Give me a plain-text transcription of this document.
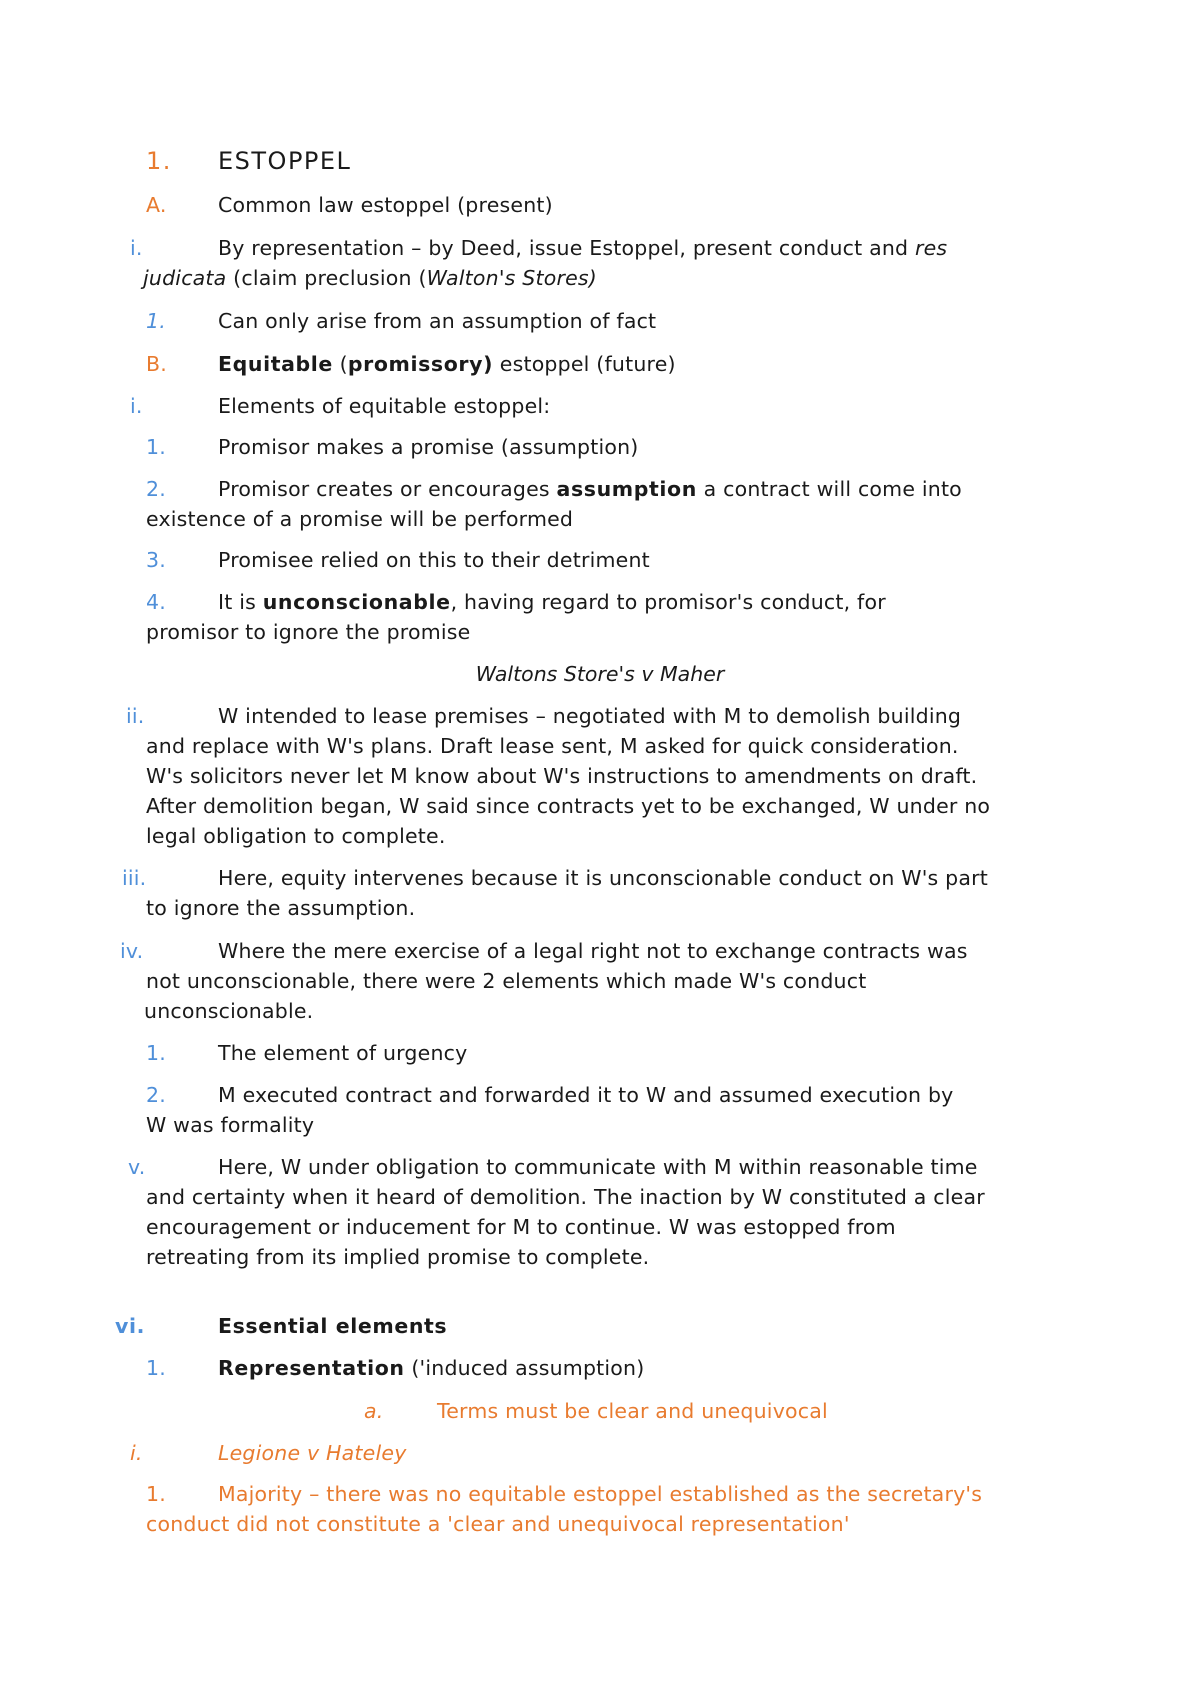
1. ESTOPPEL
A.	Common law estoppel (present)
i.	By representation – by Deed, issue Estoppel, present conduct and res
judicata (claim preclusion (Walton's Stores)
1.	Can only arise from an assumption of fact
B. Equitable (promissory) estoppel (future)
i.	Elements of equitable estoppel:
1.	Promisor makes a promise (assumption)
2.	Promisor creates or encourages assumption a contract will come into
existence of a promise will be performed
3.	Promisee relied on this to their detriment
4.	It is unconscionable, having regard to promisor's conduct, for
promisor to ignore the promise
Waltons Store's v Maher
ii.	W intended to lease premises – negotiated with M to demolish building
and replace with W's plans. Draft lease sent, M asked for quick consideration.
W's solicitors never let M know about W's instructions to amendments on draft.
After demolition began, W said since contracts yet to be exchanged, W under no
legal obligation to complete.
iii.	Here, equity intervenes because it is unconscionable conduct on W's part
to ignore the assumption.
iv.	Where the mere exercise of a legal right not to exchange contracts was
not unconscionable, there were 2 elements which made W's conduct
unconscionable.
1.	The element of urgency
2.	M executed contract and forwarded it to W and assumed execution by
W was formality
v.	Here, W under obligation to communicate with M within reasonable time
and certainty when it heard of demolition. The inaction by W constituted a clear
encouragement or inducement for M to continue. W was estopped from
retreating from its implied promise to complete.
vi.	Essential elements
1.	Representation ('induced assumption)
a.	Terms must be clear and unequivocal
i.	Legione v Hateley
1.	Majority – there was no equitable estoppel established as the secretary's
conduct did not constitute a 'clear and unequivocal representation'
